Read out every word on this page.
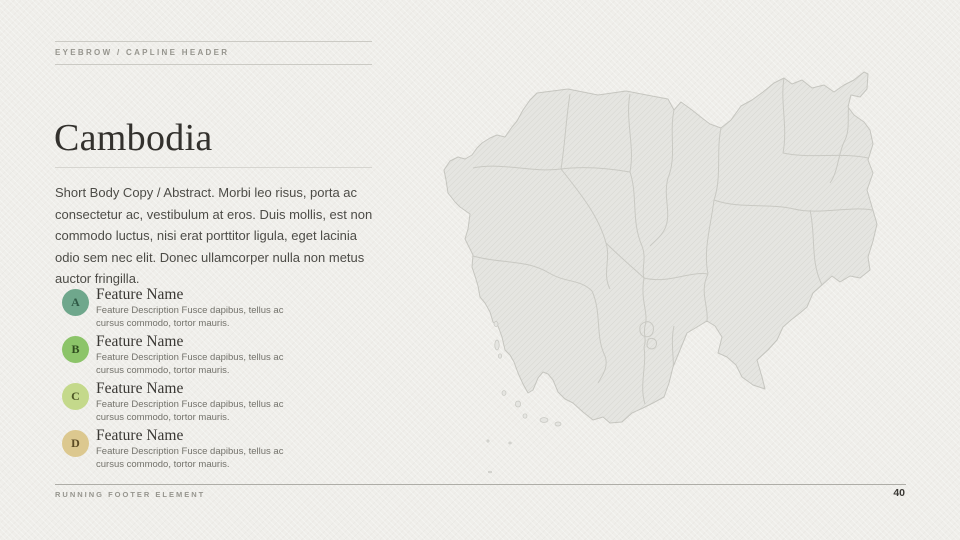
EYEBROW / CAPLINE HEADER
Cambodia

Short Body Copy / Abstract. Morbi leo risus, porta ac consectetur ac, vestibulum at eros. Duis mollis, est non commodo luctus, nisi erat porttitor ligula, eget lacinia odio sem nec elit. Donec ullamcorper nulla non metus auctor fringilla.

A	Feature Name

Feature Description Fusce dapibus, tellus ac cursus commodo, tortor mauris.

B	Feature Name

Feature Description Fusce dapibus, tellus ac cursus commodo, tortor mauris.

C	Feature Name

Feature Description Fusce dapibus, tellus ac cursus commodo, tortor mauris.

D	Feature Name

Feature Description Fusce dapibus, tellus ac cursus commodo, tortor mauris.

RUNNING FOOTER ELEMENT	40
